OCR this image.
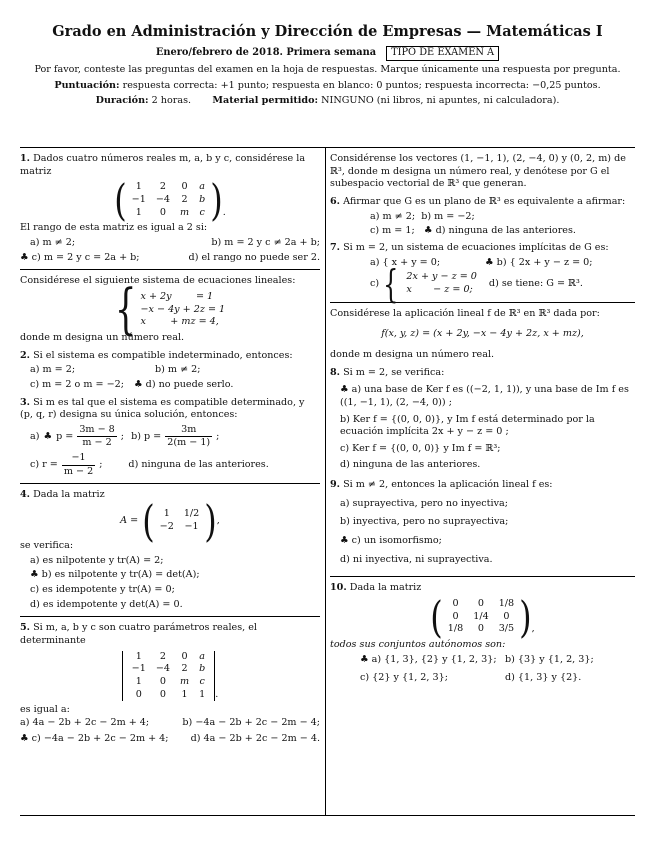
Grado en Administración y Dirección de Empresas — Matemáticas I
Enero/febrero de 2018. Primera semana TIPO DE EXAMEN A
Por favor, conteste las preguntas del examen en la hoja de respuestas. Marque únicamente una respuesta por pregunta.
Puntuación: respuesta correcta: +1 punto; respuesta en blanco: 0 puntos; respuesta incorrecta: −0,25 puntos.
Duración: 2 horas. Material permitido: NINGUNO (ni libros, ni apuntes, ni calculadora).
1. Dados cuatro números reales m, a, b y c, considérese la matriz
( 1	2	0	a
−1	−4	2	b
1	0	m	c ) .
El rango de esta matriz es igual a 2 si:
a) m ≠ 2;	b) m = 2 y c ≠ 2a + b;
♣ c) m = 2 y c = 2a + b;	d) el rango no puede ser 2.
Considérese el siguiente sistema de ecuaciones lineales:
{ x + 2y        = 1
−x − 4y + 2z = 1
x        + mz = 4,
donde m designa un número real.
2. Si el sistema es compatible indeterminado, entonces:
a) m = 2;	b) m ≠ 2;
c) m = 2 o m = −2; ♣	d) no puede serlo.
3. Si m es tal que el sistema es compatible determinado, y (p, q, r) designa su única solución, entonces:
a) ♣ $p = \frac{3m - 8}{m - 2}$ ; b) $p = \frac{3m}{2(m - 1)}$ ;
c) $r = \frac{-1}{m - 2}$ ;	d) ninguna de las anteriores.
4. Dada la matriz
A = ( 1	1/2
−2	−1 ) ,
se verifica:
a) es nilpotente y tr(A) = 2;
♣ b) es nilpotente y tr(A) = det(A);
c) es idempotente y tr(A) = 0;
d) es idempotente y det(A) = 0.
5. Si m, a, b y c son cuatro parámetros reales, el determinante
1	2	0	a
−1	−4	2	b
1	0	m	c
0	0	1	1 .
es igual a:
a) 4a − 2b + 2c − 2m + 4;	b) −4a − 2b + 2c − 2m − 4;
♣ c) −4a − 2b + 2c − 2m + 4; d) 4a − 2b + 2c − 2m − 4.
Considérense los vectores (1, −1, 1), (2, −4, 0) y (0, 2, m) de ℝ³, donde m designa un número real, y denótese por G el subespacio vectorial de ℝ³ que generan.
6. Afirmar que G es un plano de ℝ³ es equivalente a afirmar:
a) m ≠ 2; b) m = −2;
c) m = 1; ♣ d) ninguna de las anteriores.
7. Si m = 2, un sistema de ecuaciones implícitas de G es:
a) { x + y = 0; ♣	b) { 2x + y − z = 0;
c) { 2x + y − z = 0
x       − z = 0;
d) se tiene: G = ℝ³.
Considérese la aplicación lineal f de ℝ³ en ℝ³ dada por:
f(x, y, z) = (x + 2y, −x − 4y + 2z, x + mz),
donde m designa un número real.
8. Si m = 2, se verifica:
♣ a) una base de Ker f es ((−2, 1, 1)), y una base de Im f es ((1, −1, 1), (2, −4, 0)) ;
b) Ker f = {(0, 0, 0)}, y Im f está determinado por la ecuación implícita 2x + y − z = 0 ;
c) Ker f = {(0, 0, 0)} y Im f = ℝ³;
d) ninguna de las anteriores.
9. Si m ≠ 2, entonces la aplicación lineal f es:
a) suprayectiva, pero no inyectiva;
b) inyectiva, pero no suprayectiva;
♣ c) un isomorfismo;
d) ni inyectiva, ni suprayectiva.
10. Dada la matriz
( 0	0	1/8
0	1/4	0
1/8	0	3/5 ) ,
todos sus conjuntos autónomos son:
♣ a) {1, 3}, {2} y {1, 2, 3}; b) {3} y {1, 2, 3};
c) {2} y {1, 2, 3};	d) {1, 3} y {2}.
